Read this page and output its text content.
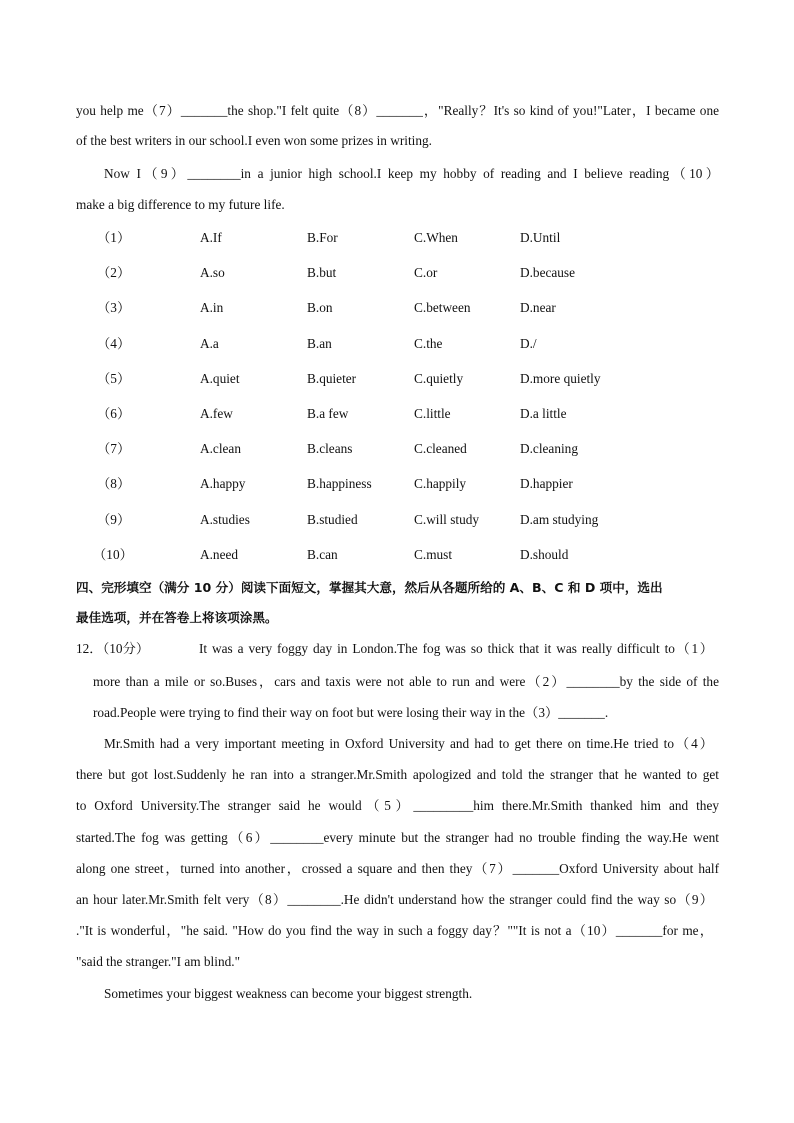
you help me（7）_______the shop."I felt quite（8）_______，"Really？It's so kind of you!"Later，I became one
of the best writers in our school.I even won some prizes in writing.
Now I（9）________in a junior high school.I keep my hobby of reading and I believe reading（10）
make a big difference to my future life.
（1）	A.If	B.For	C.When	D.Until
（2）	A.so	B.but	C.or	D.because
（3）	A.in	B.on	C.between	D.near
（4）	A.a	B.an	C.the	D./
（5）	A.quiet	B.quieter	C.quietly	D.more quietly
（6）	A.few	B.a few	C.little	D.a little
（7）	A.clean	B.cleans	C.cleaned	D.cleaning
（8）	A.happy	B.happiness	C.happily	D.happier
（9）	A.studies	B.studied	C.will study	D.am studying
（10）	A.need	B.can	C.must	D.should
四、完形填空（满分 10 分）阅读下面短文，掌握其大意，然后从各题所给的 A、B、C 和 D 项中，选出
最佳选项，并在答卷上将该项涂黑。
12．（10分）	It was a very foggy day in London.The fog was so thick that it was really difficult to（1）
more than a mile or so.Buses，cars and taxis were not able to run and were（2）________by the side of the
road.People were trying to find their way on foot but were losing their way in the（3）_______.
Mr.Smith had a very important meeting in Oxford University and had to get there on time.He tried to（4）
there but got lost.Suddenly he ran into a stranger.Mr.Smith apologized and told the stranger that he wanted to get
to Oxford University.The stranger said he would（5）_________him there.Mr.Smith thanked him and they
started.The fog was getting（6）________every minute but the stranger had no trouble finding the way.He went
along one street，turned into another，crossed a square and then they（7）_______Oxford University about half
an hour later.Mr.Smith felt very（8）________.He didn't understand how the stranger could find the way so（9）
."It is wonderful，"he said. "How do you find the way in such a foggy day？""It is not a（10）_______for me，
"said the stranger."I am blind."
Sometimes your biggest weakness can become your biggest strength.
